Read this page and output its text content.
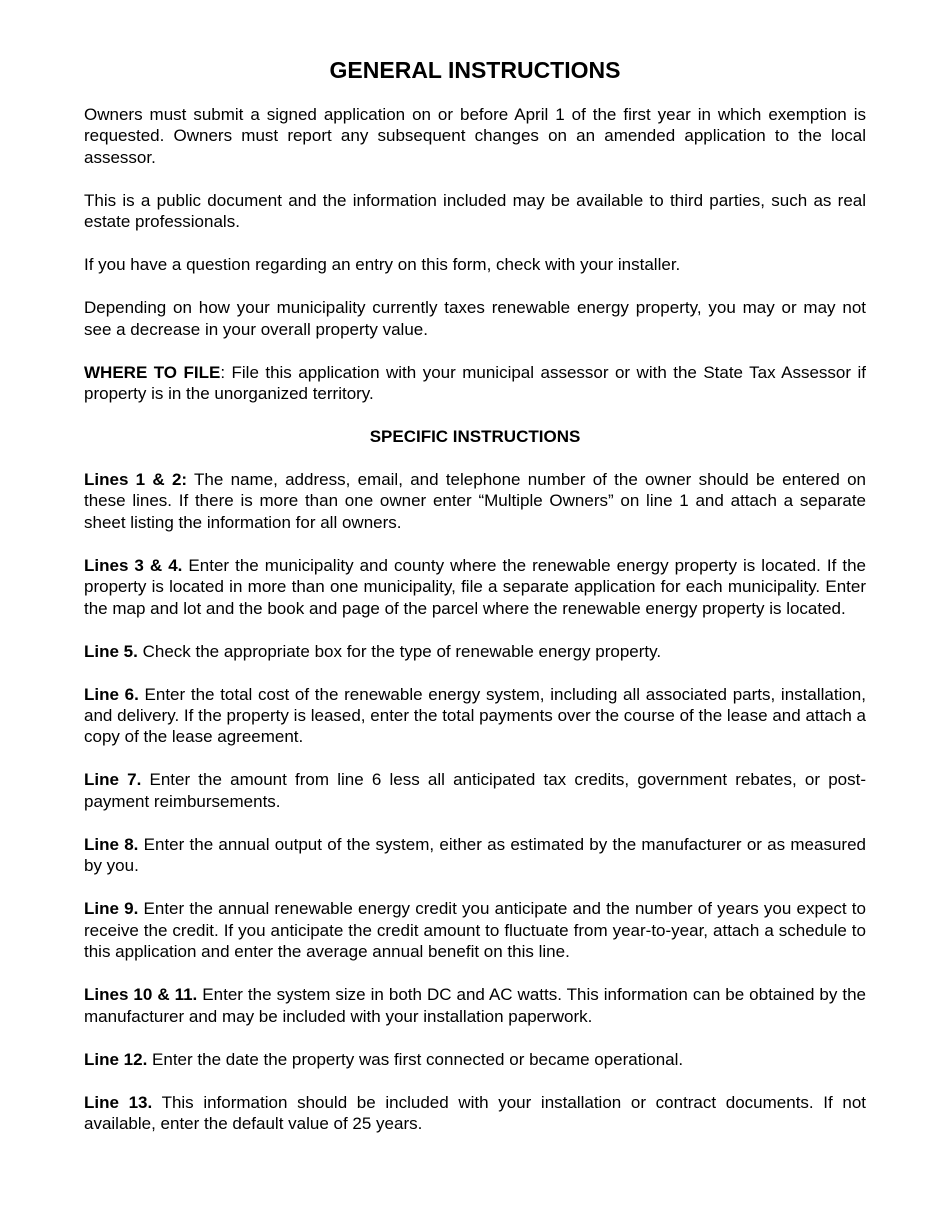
GENERAL INSTRUCTIONS

Owners must submit a signed application on or before April 1 of the first year in which exemption is requested. Owners must report any subsequent changes on an amended application to the local assessor.

This is a public document and the information included may be available to third parties, such as real estate professionals.

If you have a question regarding an entry on this form, check with your installer.

Depending on how your municipality currently taxes renewable energy property, you may or may not see a decrease in your overall property value.

WHERE TO FILE: File this application with your municipal assessor or with the State Tax Assessor if property is in the unorganized territory.

SPECIFIC INSTRUCTIONS

Lines 1 & 2: The name, address, email, and telephone number of the owner should be entered on these lines. If there is more than one owner enter “Multiple Owners” on line 1 and attach a separate sheet listing the information for all owners.

Lines 3 & 4. Enter the municipality and county where the renewable energy property is located. If the property is located in more than one municipality, file a separate application for each municipality. Enter the map and lot and the book and page of the parcel where the renewable energy property is located.

Line 5. Check the appropriate box for the type of renewable energy property.

Line 6. Enter the total cost of the renewable energy system, including all associated parts, installation, and delivery. If the property is leased, enter the total payments over the course of the lease and attach a copy of the lease agreement.

Line 7. Enter the amount from line 6 less all anticipated tax credits, government rebates, or post-payment reimbursements.

Line 8. Enter the annual output of the system, either as estimated by the manufacturer or as measured by you.

Line 9. Enter the annual renewable energy credit you anticipate and the number of years you expect to receive the credit. If you anticipate the credit amount to fluctuate from year-to-year, attach a schedule to this application and enter the average annual benefit on this line.

Lines 10 & 11. Enter the system size in both DC and AC watts. This information can be obtained by the manufacturer and may be included with your installation paperwork.

Line 12. Enter the date the property was first connected or became operational.

Line 13. This information should be included with your installation or contract documents. If not available, enter the default value of 25 years.
